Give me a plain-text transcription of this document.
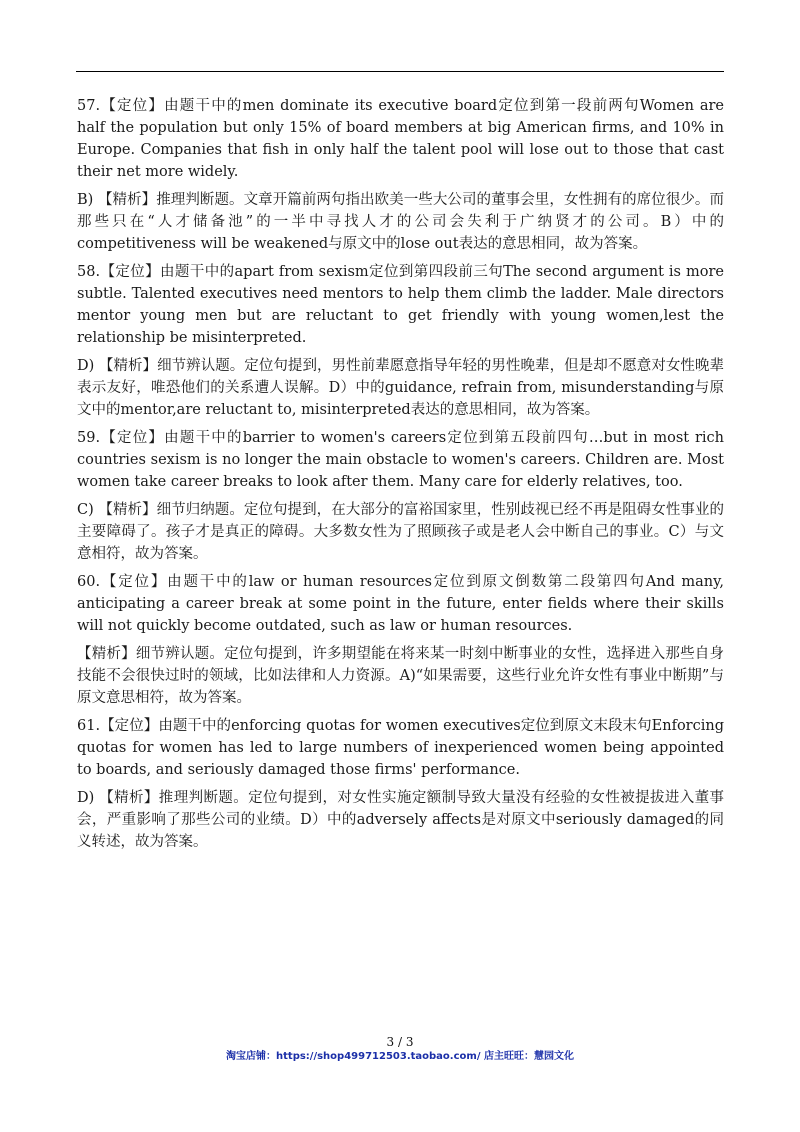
57.【定位】由题干中的men dominate its executive board定位到第一段前两句Women are half the population but only 15% of board members at big American firms, and 10% in Europe. Companies that fish in only half the talent pool will lose out to those that cast their net more widely.

B) 【精析】推理判断题。文章开篇前两句指出欧美一些大公司的董事会里，女性拥有的席位很少。而那些只在“人才储备池”的一半中寻找人才的公司会失利于广纳贤才的公司。B）中的competitiveness will be weakened与原文中的lose out表达的意思相同，故为答案。

58.【定位】由题干中的apart from sexism定位到第四段前三句The second argument is more subtle. Talented executives need mentors to help them climb the ladder. Male directors mentor young men but are reluctant to get friendly with young women,lest the relationship be misinterpreted.

D) 【精析】细节辨认题。定位句提到，男性前辈愿意指导年轻的男性晚辈，但是却不愿意对女性晚辈表示友好，唯恐他们的关系遭人误解。D）中的guidance, refrain from, misunderstanding与原文中的mentor,are reluctant to, misinterpreted表达的意思相同，故为答案。

59.【定位】由题干中的barrier to women's careers定位到第五段前四句…but in most rich countries sexism is no longer the main obstacle to women's careers. Children are. Most women take career breaks to look after them. Many care for elderly relatives, too.

C) 【精析】细节归纳题。定位句提到，在大部分的富裕国家里，性别歧视已经不再是阻碍女性事业的主要障碍了。孩子才是真正的障碍。大多数女性为了照顾孩子或是老人会中断自己的事业。C）与文意相符，故为答案。

60.【定位】由题干中的law or human resources定位到原文倒数第二段第四句And many, anticipating a career break at some point in the future, enter fields where their skills will not quickly become outdated, such as law or human resources.

【精析】细节辨认题。定位句提到，许多期望能在将来某一时刻中断事业的女性，选择进入那些自身技能不会很快过时的领域，比如法律和人力资源。A)“如果需要，这些行业允许女性有事业中断期”与原文意思相符，故为答案。

61.【定位】由题干中的enforcing quotas for women executives定位到原文末段末句Enforcing quotas for women has led to large numbers of inexperienced women being appointed to boards, and seriously damaged those firms' performance.

D) 【精析】推理判断题。定位句提到，对女性实施定额制导致大量没有经验的女性被提拔进入董事会，严重影响了那些公司的业绩。D）中的adversely affects是对原文中seriously damaged的同义转述，故为答案。

3 / 3
淘宝店铺：https://shop499712503.taobao.com/ 店主旺旺：慧园文化
